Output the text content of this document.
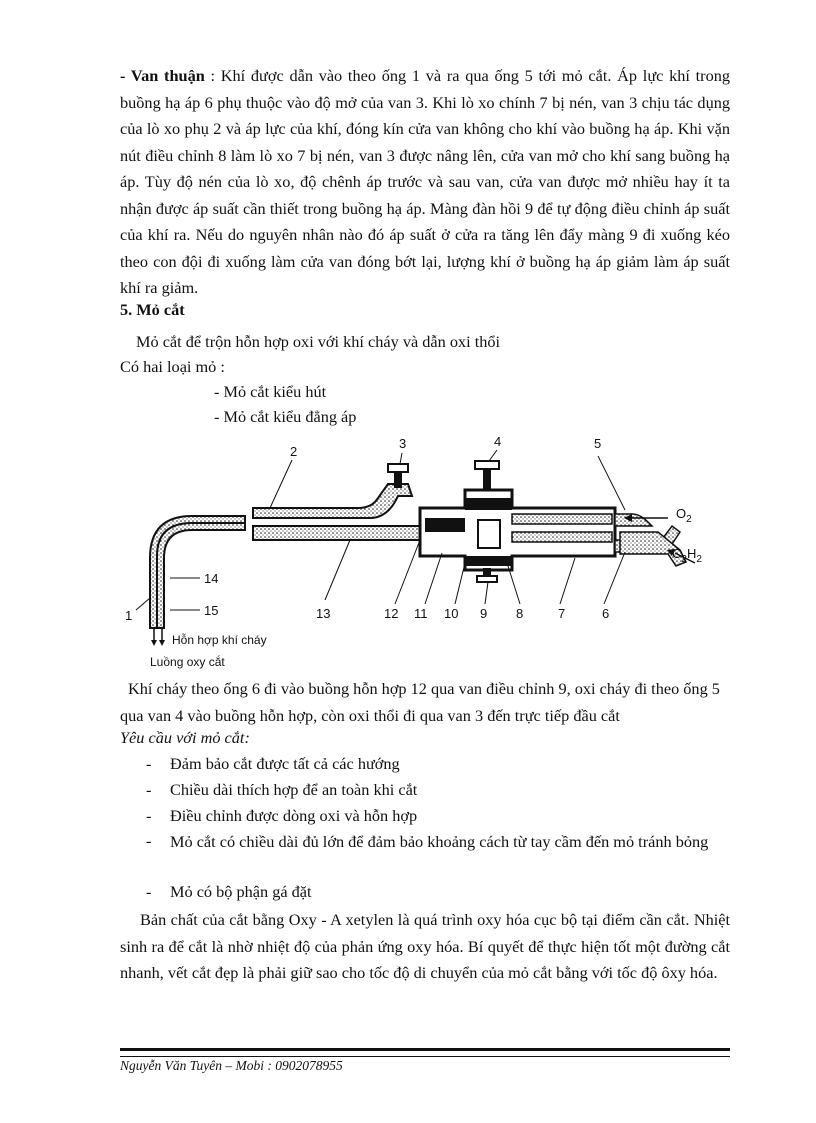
- Van thuận : Khí được dẫn vào theo ống 1 và ra qua ống 5 tới mỏ cắt. Áp lực khí trong buồng hạ áp 6 phụ thuộc vào độ mở của van 3. Khi lò xo chính 7 bị nén, van 3 chịu tác dụng của lò xo phụ 2 và áp lực của khí, đóng kín cửa van không cho khí vào buồng hạ áp. Khi vặn nút điều chỉnh 8 làm lò xo 7 bị nén, van 3 được nâng lên, cửa van mở cho khí sang buồng hạ áp. Tùy độ nén của lò xo, độ chênh áp trước và sau van, cửa van được mở nhiều hay ít ta nhận được áp suất cần thiết trong buồng hạ áp. Màng đàn hồi 9 để tự động điều chỉnh áp suất của khí ra. Nếu do nguyên nhân nào đó áp suất ở cửa ra tăng lên đẩy màng 9 đi xuống kéo theo con đội đi xuống làm cửa van đóng bớt lại, lượng khí ở buồng hạ áp giảm làm áp suất khí ra giảm.

5. Mỏ cắt

Mỏ cắt để trộn hỗn hợp oxi với khí cháy và dẫn oxi thổi

Có hai loại mỏ :

- Mỏ cắt kiểu hút

- Mỏ cắt kiểu đẳng áp

2
3	4	5
6
7
8
9
10
11
12
13
14
15
1
$O_2$
$C_2H_2$
Hỗn hợp khí cháy
Luồng oxy cắt

Khí cháy theo ống 6 đi vào buồng hỗn hợp 12 qua van điều chỉnh 9, oxi cháy đi theo ống 5 qua van 4 vào buồng hỗn hợp, còn oxi thổi đi qua van 3 đến trực tiếp đầu cắt

Yêu cầu với mỏ cắt:

- Đảm bảo cắt được tất cả các hướng
- Chiều dài thích hợp để an toàn khi cắt
- Điều chỉnh được dòng oxi và hỗn hợp
- Mỏ cắt có chiều dài đủ lớn để đảm bảo khoảng cách từ tay cầm đến mỏ tránh bỏng
- Mỏ có bộ phận gá đặt

Bản chất của cắt bằng Oxy - A xetylen là quá trình oxy hóa cục bộ tại điểm cần cắt. Nhiệt sinh ra để cắt là nhờ nhiệt độ của phản ứng oxy hóa. Bí quyết để thực hiện tốt một đường cắt nhanh, vết cắt đẹp là phải giữ sao cho tốc độ di chuyển của mỏ cắt bằng với tốc độ ôxy hóa.

Nguyễn Văn Tuyên – Mobi : 0902078955
